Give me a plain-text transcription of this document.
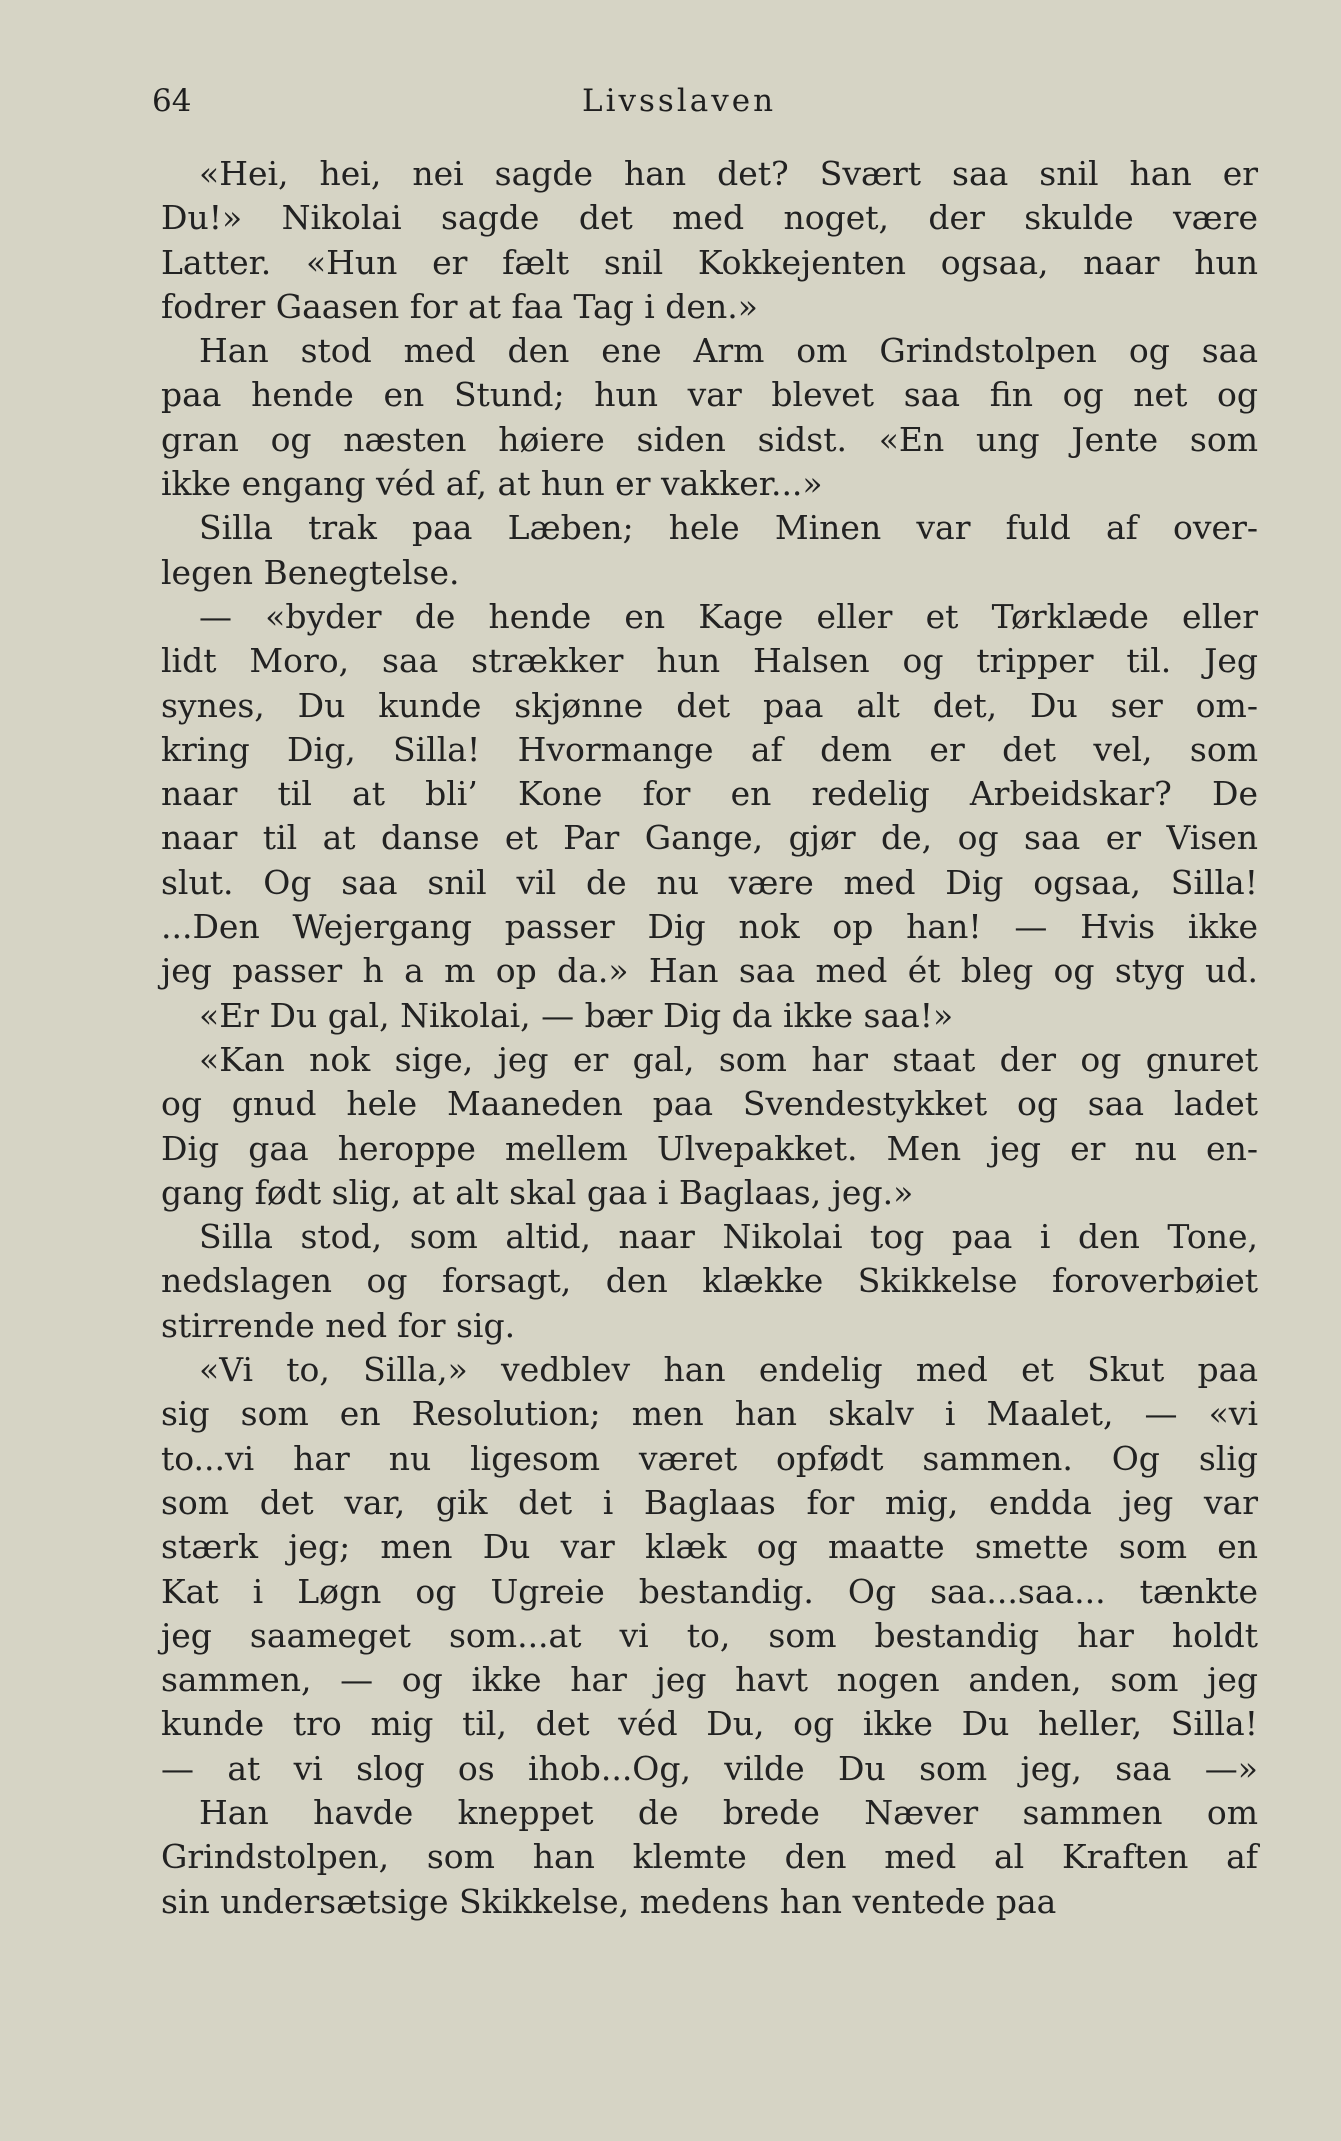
64	Livsslaven
«Hei, hei, nei sagde han det? Svært saa snil han er
Du!» Nikolai sagde det med noget, der skulde være
Latter. «Hun er fælt snil Kokkejenten ogsaa, naar hun
fodrer Gaasen for at faa Tag i den.»
Han stod med den ene Arm om Grindstolpen og saa
paa hende en Stund; hun var blevet saa fin og net og
gran og næsten høiere siden sidst. «En ung Jente som
ikke engang véd af, at hun er vakker...»
Silla trak paa Læben; hele Minen var fuld af over-
legen Benegtelse.
— «byder de hende en Kage eller et Tørklæde eller
lidt Moro, saa strækker hun Halsen og tripper til. Jeg
synes, Du kunde skjønne det paa alt det, Du ser om-
kring Dig, Silla! Hvormange af dem er det vel, som
naar til at bli’ Kone for en redelig Arbeidskar? De
naar til at danse et Par Gange, gjør de, og saa er Visen
slut. Og saa snil vil de nu være med Dig ogsaa, Silla!
...Den Wejergang passer Dig nok op han! — Hvis ikke
jeg passer h a m op da.» Han saa med ét bleg og styg ud.
«Er Du gal, Nikolai, — bær Dig da ikke saa!»
«Kan nok sige, jeg er gal, som har staat der og gnuret
og gnud hele Maaneden paa Svendestykket og saa ladet
Dig gaa heroppe mellem Ulvepakket. Men jeg er nu en-
gang født slig, at alt skal gaa i Baglaas, jeg.»
Silla stod, som altid, naar Nikolai tog paa i den Tone,
nedslagen og forsagt, den klække Skikkelse foroverbøiet
stirrende ned for sig.
«Vi to, Silla,» vedblev han endelig med et Skut paa
sig som en Resolution; men han skalv i Maalet, — «vi
to...vi har nu ligesom været opfødt sammen. Og slig
som det var, gik det i Baglaas for mig, endda jeg var
stærk jeg; men Du var klæk og maatte smette som en
Kat i Løgn og Ugreie bestandig. Og saa...saa... tænkte
jeg saameget som...at vi to, som bestandig har holdt
sammen, — og ikke har jeg havt nogen anden, som jeg
kunde tro mig til, det véd Du, og ikke Du heller, Silla!
— at vi slog os ihob...Og, vilde Du som jeg, saa —»
Han havde kneppet de brede Næver sammen om
Grindstolpen, som han klemte den med al Kraften af
sin undersætsige Skikkelse, medens han ventede paa
